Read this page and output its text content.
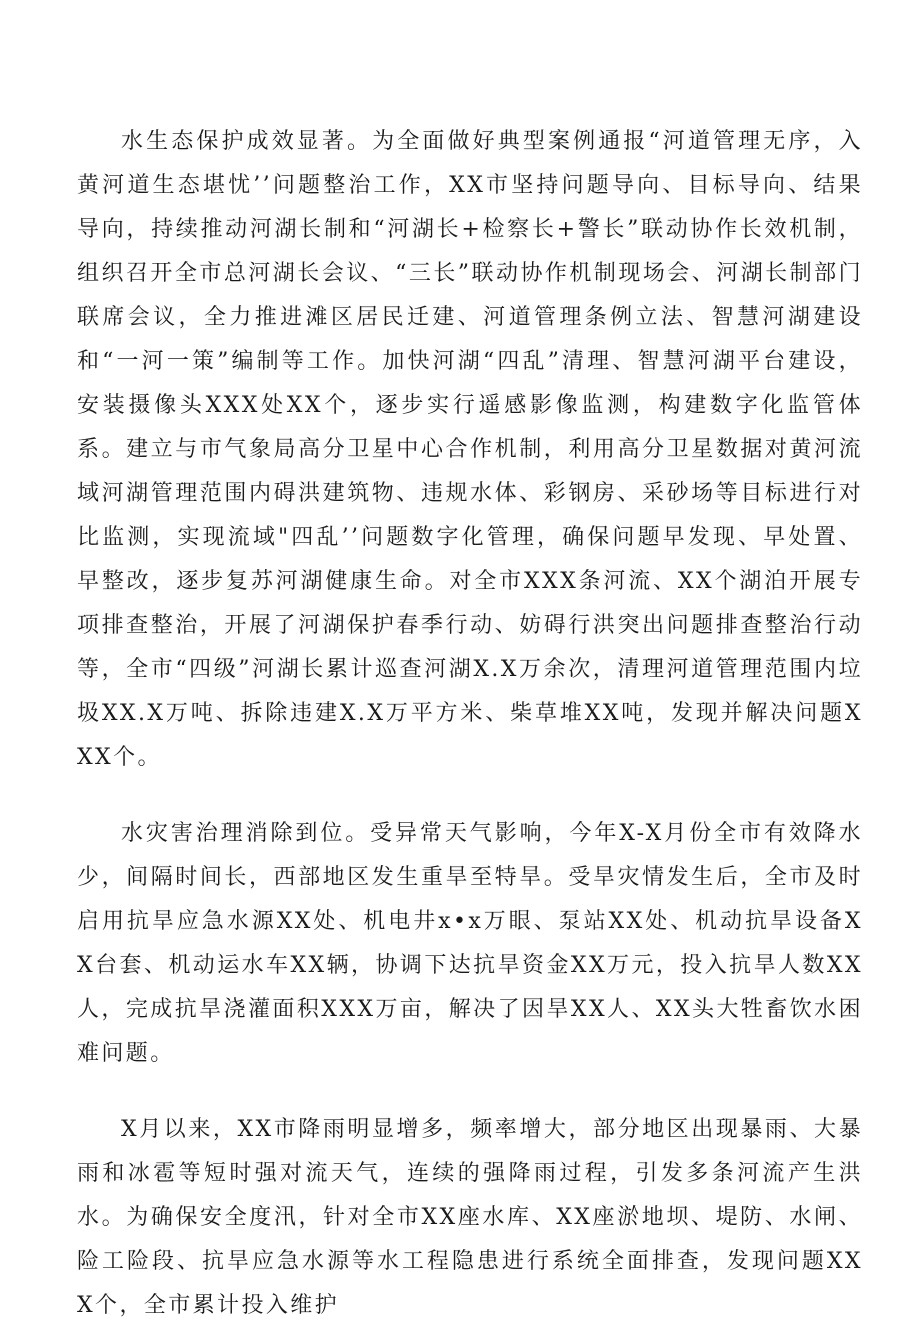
水生态保护成效显著。为全面做好典型案例通报“河道管理无序，入黄河道生态堪忧’’问题整治工作，XX市坚持问题导向、目标导向、结果导向，持续推动河湖长制和“河湖长+检察长+警长”联动协作长效机制，组织召开全市总河湖长会议、“三长”联动协作机制现场会、河湖长制部门联席会议，全力推进滩区居民迁建、河道管理条例立法、智慧河湖建设和“一河一策”编制等工作。加快河湖“四乱”清理、智慧河湖平台建设，安装摄像头XXX处XX个，逐步实行遥感影像监测，构建数字化监管体系。建立与市气象局高分卫星中心合作机制，利用高分卫星数据对黄河流域河湖管理范围内碍洪建筑物、违规水体、彩钢房、采砂场等目标进行对比监测，实现流域"四乱’’问题数字化管理，确保问题早发现、早处置、早整改，逐步复苏河湖健康生命。对全市XXX条河流、XX个湖泊开展专项排查整治，开展了河湖保护春季行动、妨碍行洪突出问题排查整治行动等，全市“四级”河湖长累计巡查河湖X.X万余次，清理河道管理范围内垃圾XX.X万吨、拆除违建X.X万平方米、柴草堆XX吨，发现并解决问题XXX个。

水灾害治理消除到位。受异常天气影响，今年X-X月份全市有效降水少，间隔时间长，西部地区发生重旱至特旱。受旱灾情发生后，全市及时启用抗旱应急水源XX处、机电井x•x万眼、泵站XX处、机动抗旱设备XX台套、机动运水车XX辆，协调下达抗旱资金XX万元，投入抗旱人数XX人，完成抗旱浇灌面积XXX万亩，解决了因旱XX人、XX头大牲畜饮水困难问题。

X月以来，XX市降雨明显增多，频率增大，部分地区出现暴雨、大暴雨和冰雹等短时强对流天气，连续的强降雨过程，引发多条河流产生洪水。为确保安全度汛，针对全市XX座水库、XX座淤地坝、堤防、水闸、险工险段、抗旱应急水源等水工程隐患进行系统全面排查，发现问题XXX个，全市累计投入维护
